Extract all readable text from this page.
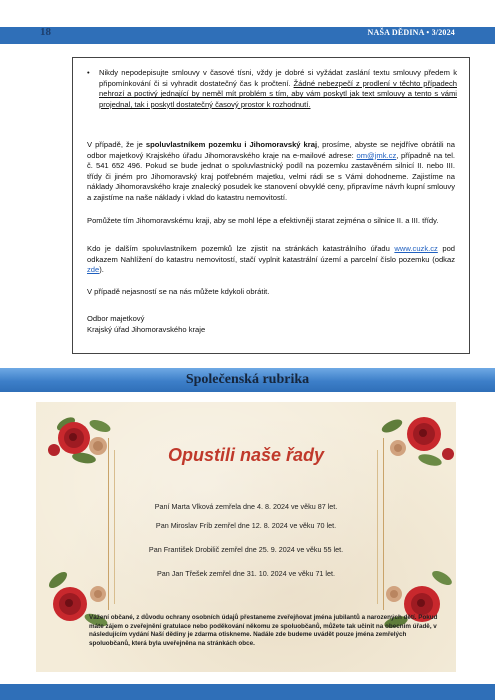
18	NAŠA DĚDINA • 3/2024
• Nikdy nepodepisujte smlouvy v časové tísni, vždy je dobré si vyžádat zaslání textu smlouvy předem k připomínkování či si vyhradit dostatečný čas k pročtení. Žádné nebezpečí z prodlení v těchto případech nehrozí a poctivý jednající by neměl mít problém s tím, aby vám poskytl jak text smlouvy a tento s vámi projednal, tak i poskytl dostatečný časový prostor k rozhodnutí.

V případě, že je spoluvlastníkem pozemku i Jihomoravský kraj, prosíme, abyste se nejdříve obrátili na odbor majetkový Krajského úřadu Jihomoravského kraje na e-mailové adrese: om@jmk.cz, případně na tel. č. 541 652 496. Pokud se bude jednat o spoluvlastnický podíl na pozemku zastavěném silnicí II. nebo III. třídy či jiném pro Jihomoravský kraj potřebném majetku, velmi rádi se s Vámi dohodneme. Zajistíme na náklady Jihomoravského kraje znalecký posudek ke stanovení obvyklé ceny, připravíme návrh kupní smlouvy a zajistíme na naše náklady i vklad do katastru nemovitostí.

Pomůžete tím Jihomoravskému kraji, aby se mohl lépe a efektivněji starat zejména o silnice II. a III. třídy.

Kdo je dalším spoluvlastníkem pozemků lze zjistit na stránkách katastrálního úřadu www.cuzk.cz pod odkazem Nahlížení do katastru nemovitostí, stačí vyplnit katastrální území a parcelní číslo pozemku (odkaz zde).

V případě nejasností se na nás můžete kdykoli obrátit.

Odbor majetkový

Krajský úřad Jihomoravského kraje

Společenská rubrika
Opustili naše řady
Paní Marta Vlková zemřela dne 4. 8. 2024 ve věku 87 let.
Pan Miroslav Fríb zemřel dne 12. 8. 2024 ve věku 70 let.
Pan František Drobilič zemřel dne 25. 9. 2024 ve věku 55 let.
Pan Jan Třešek zemřel dne 31. 10. 2024 ve věku 71 let.

Vážení občané, z důvodu ochrany osobních údajů přestaneme zveřejňovat jména jubilantů a narozených dětí. Pokud máte zájem o zveřejnění gratulace nebo poděkování někomu ze spoluobčanů, můžete tak učinit na obecním úřadě, v následujícím vydání Naší dědiny je zdarma otiskneme. Nadále zde budeme uvádět pouze jména zemřelých spoluobčanů, která byla uveřejněna na stránkách obce.
